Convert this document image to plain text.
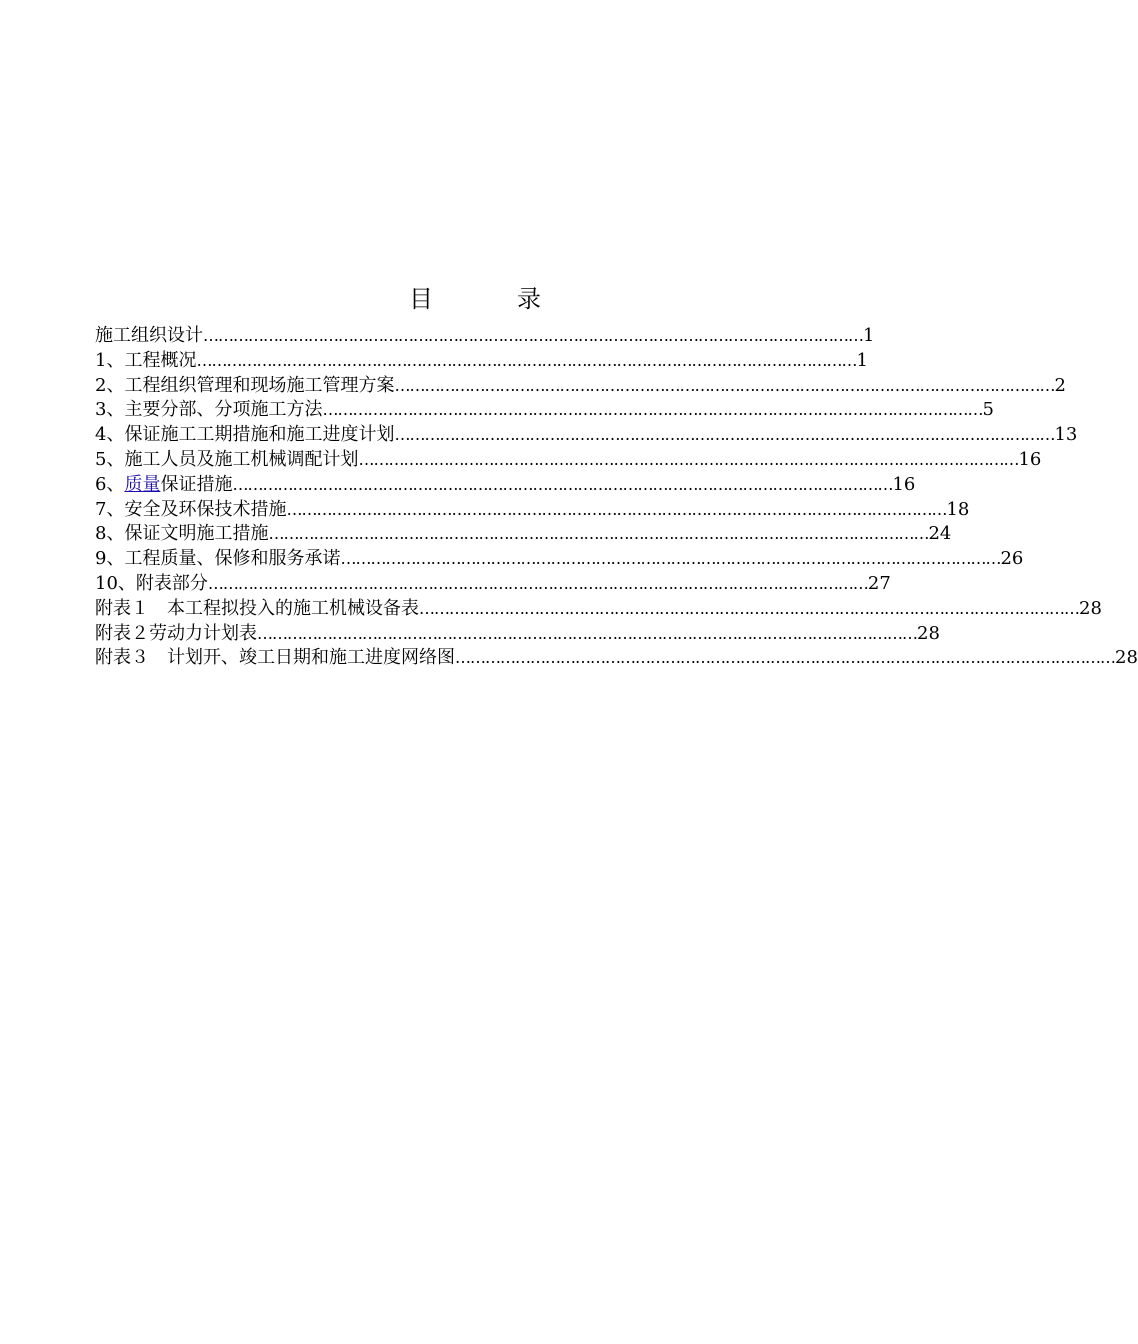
目　录
施工组织设计 …………………………………………………………………………………………………………………… 1
1、工程概况 …………………………………………………………………………………………………………………… 1
2、工程组织管理和现场施工管理方案 …………………………………………………………………………………………………………………… 2
3、主要分部、分项施工方法 …………………………………………………………………………………………………………………… 5
4、保证施工工期措施和施工进度计划 …………………………………………………………………………………………………………………… 13
5、施工人员及施工机械调配计划 …………………………………………………………………………………………………………………… 16
6、质量保证措施 …………………………………………………………………………………………………………………… 16
7、安全及环保技术措施 …………………………………………………………………………………………………………………… 18
8、保证文明施工措施 …………………………………………………………………………………………………………………… 24
9、工程质量、保修和服务承诺 …………………………………………………………………………………………………………………… 26
10、附表部分 …………………………………………………………………………………………………………………… 27
附表１　本工程拟投入的施工机械设备表 …………………………………………………………………………………………………………………… 28
附表２劳动力计划表 …………………………………………………………………………………………………………………… 28
附表３　计划开、竣工日期和施工进度网络图 …………………………………………………………………………………………………………………… 28
